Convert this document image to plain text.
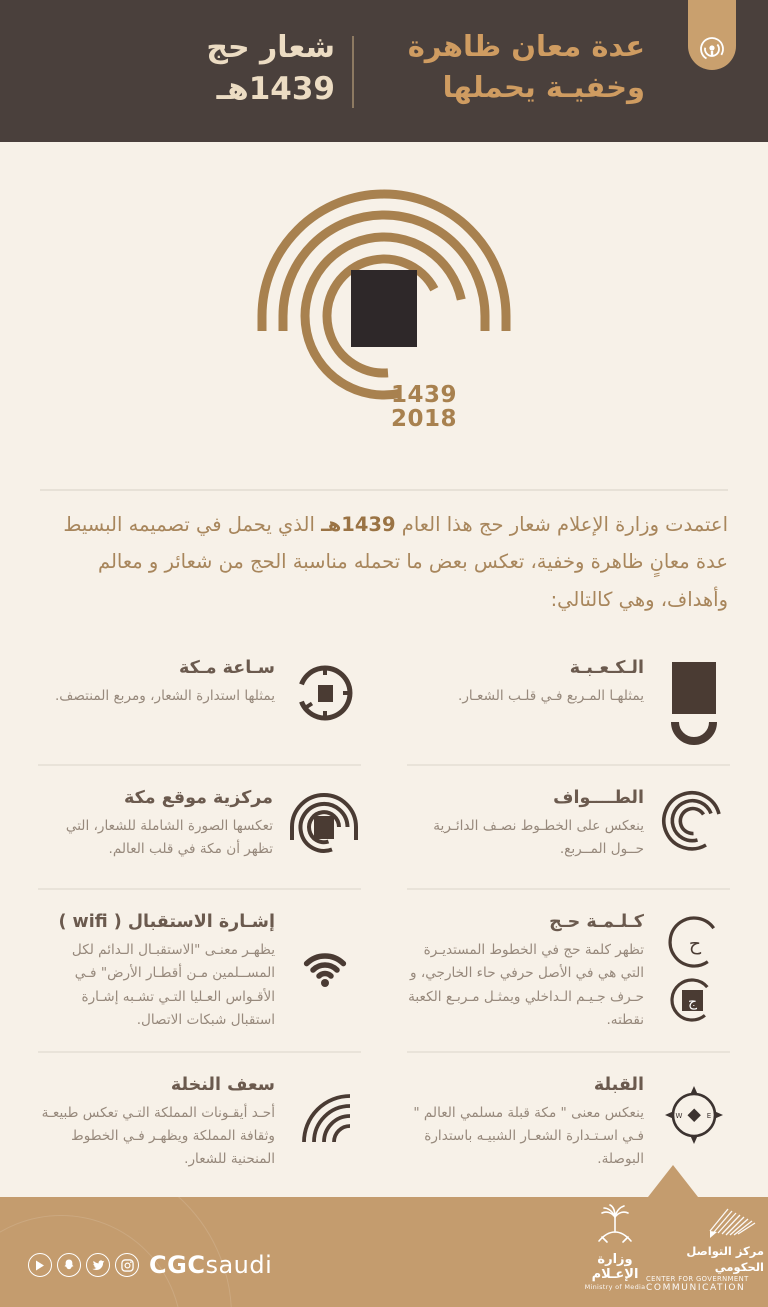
عدة معان ظاهرة
وخفيـة يحملها
شعار حج
1439هـ
1439
2018

اعتمدت وزارة الإعلام شعار حج هذا العام 1439هـ الذي يحمل في تصميمه البسيط عدة معانٍ ظاهرة وخفية، تعكس بعض ما تحمله مناسبة الحج من شعائر و معالم وأهداف، وهي كالتالي:

الـكـعـبـة

يمثلهـا المـربع فـي قلـب الشعـار.

سـاعة مـكة

يمثلها استدارة الشعار، ومربع المنتصف.

الطــــواف

ينعكس على الخطـوط نصـف الدائـرية حــول المــربع.

مركزية موقع مكة

تعكسها الصورة الشاملة للشعار، التي تظهر أن مكة في قلب العالم.

ح
ج
كـلـمـة حـج

تظهر كلمة حج في الخطوط المستديـرة التي هي في الأصل حرفي حاء الخارجي، و حـرف جـيـم الـداخلي ويمثـل مـربـع الكعبة نقطته.

إشـارة الاستقبال ( wifi )

يظهـر معنـى "الاستقبـال الـدائم لكل المســلمين مـن أقطـار الأرض" فـي الأقـواس العـليا التـي تشـبه إشـارة استقبال شبكات الاتصال.

W	E
القبلة

ينعكس معنى " مكة قبلة مسلمي العالم " فـي اسـتـدارة الشعـار الشبيـه باستدارة البوصلة.

سعف النخلة

أحـد أيقـونات المملكة التـي تعكس طبيعـة وثقافة المملكة ويظهـر فـي الخطوط المنحنية للشعار.

CGCsaudi	وزارة الإعـلام
Ministry of Media
مركز التواصل الحكومي
CENTER FOR GOVERNMENT
COMMUNICATION
